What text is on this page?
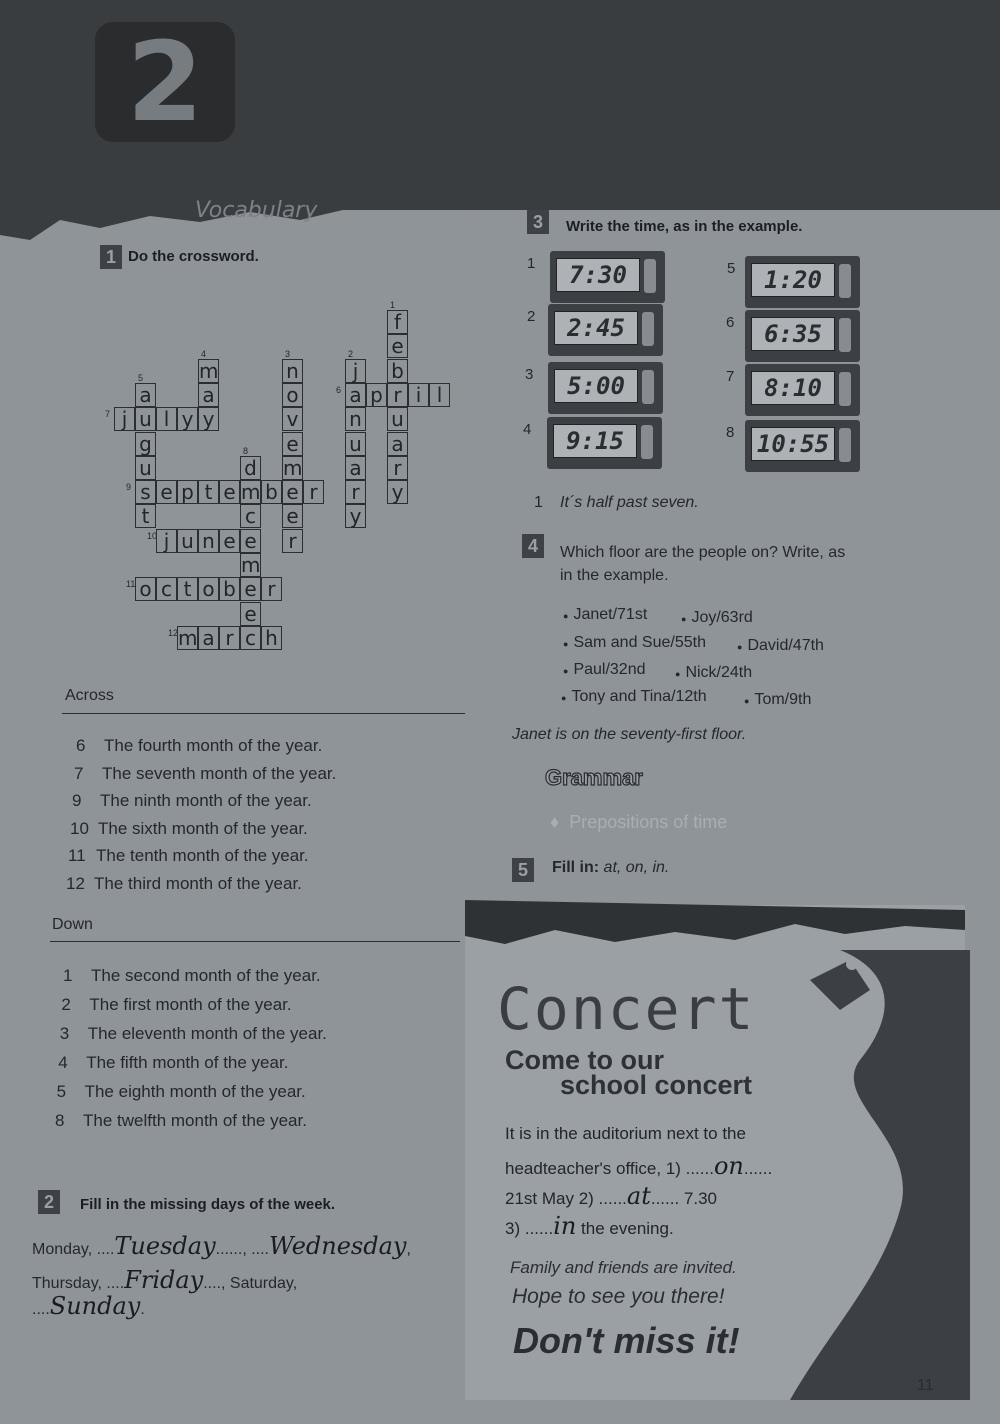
2
Vocabulary
1 Do the crossword.
1
2
3
4
5
6
7
8
9
10
11
12
f
e
b
r
u
a
r
y
j
a
n
u
a
r
y
n
o
v
e
m
e
e
r
m
a
y
a
u
g
u
s
t
p	i l
j	l y
d
m
c
e
m
e
e
c
e p t e b	r
j u n e
o c t o b	r
m a r	h
Across
6 The fourth month of the year.
7 The seventh month of the year.
9 The ninth month of the year.
10 The sixth month of the year.
11 The tenth month of the year.
12 The third month of the year.
Down
1 The second month of the year.
2 The first month of the year.
3 The eleventh month of the year.
4 The fifth month of the year.
5 The eighth month of the year.
8 The twelfth month of the year.
2	Fill in the missing days of the week.
Monday, ....Tuesday......, ....Wednesday,
Thursday, ....Friday...., Saturday,
....Sunday.
3	Write the time, as in the example.
1	7:30
2	2:45
3	5:00
4	9:15
5	1:20
6	6:35
7	8:10
8 10:55
1 It´s half past seven.
4	Which floor are the people on? Write, as
in the example.
●  Janet/71st	●  Joy/63rd
●  Sam and Sue/55th	●  David/47th
●  Paul/32nd	●  Nick/24th
●  Tony and Tina/12th	●  Tom/9th
Janet is on the seventy-first floor.
Grammar
♦  Prepositions of time
5	Fill in: at, on, in.
Concert
Come to our
school concert
It is in the auditorium next to the
headteacher's office, 1) ......on......
21st May 2) ......at...... 7.30
3) ......in the evening.
Family and friends are invited.
Hope to see you there!
Don't miss it!
11
